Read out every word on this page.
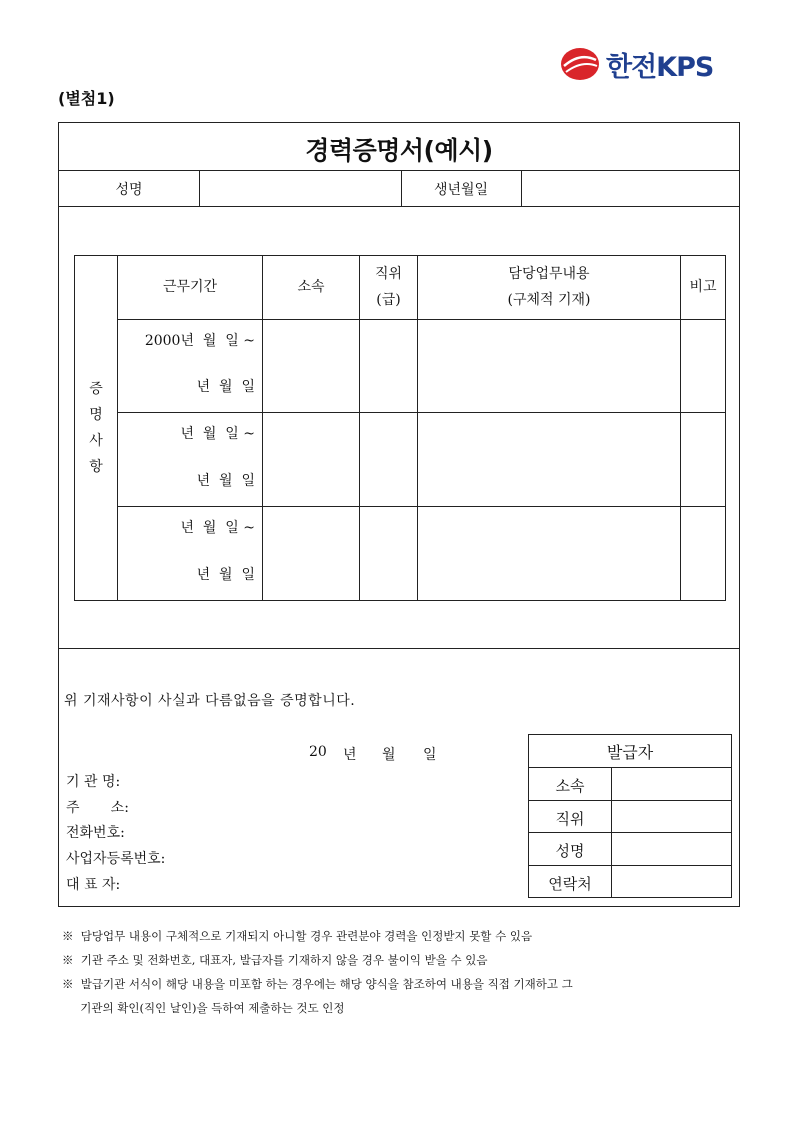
한전KPS
(별첨1)
경력증명서(예시)
성명	생년월일
증
명
사
항
근무기간	소속
직위
(급)
담당업무내용
(구체적 기재)
비고
2000년  월  일 ~
년  월  일
년  월  일 ~
년  월  일
년  월  일 ~
년  월  일
위 기재사항이 사실과 다름없음을 증명합니다.
20 년 월 일
기 관 명:
주       소:
전화번호:
사업자등록번호:
대 표 자:
발급자
소속
직위
성명
연락처
※  담당업무 내용이 구체적으로 기재되지 아니할 경우 관련분야 경력을 인정받지 못할 수 있음
※  기관 주소 및 전화번호, 대표자, 발급자를 기재하지 않을 경우 불이익 받을 수 있음
※  발급기관 서식이 해당 내용을 미포함 하는 경우에는 해당 양식을 참조하여 내용을 직접 기재하고 그
기관의 확인(직인 날인)을 득하여 제출하는 것도 인정
